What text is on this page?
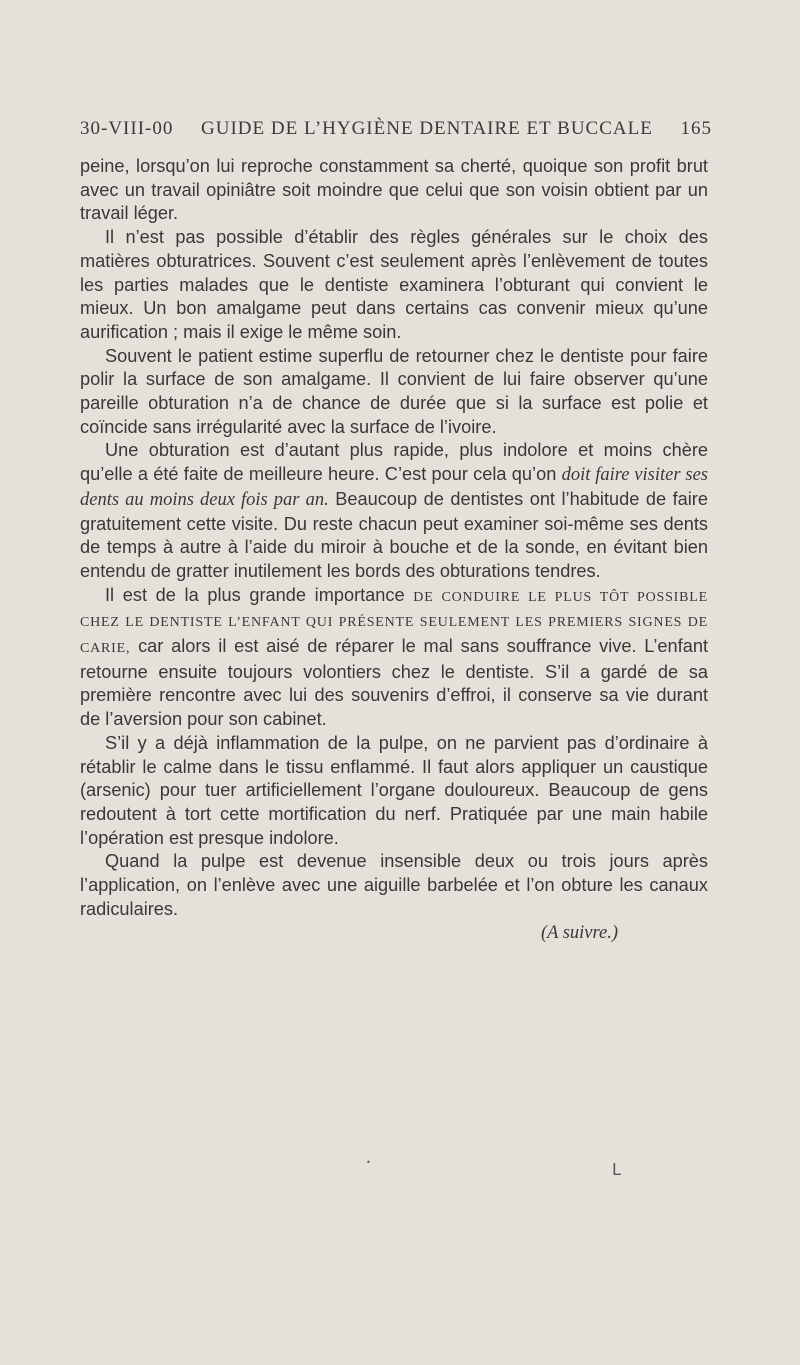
30-VIII-00 GUIDE DE L’HYGIÈNE DENTAIRE ET BUCCALE 165

peine, lorsqu’on lui reproche constamment sa cherté, quoique son profit brut avec un travail opiniâtre soit moindre que celui que son voisin obtient par un travail léger.

Il n’est pas possible d’établir des règles générales sur le choix des matières obturatrices. Souvent c’est seulement après l’enlèvement de toutes les parties malades que le dentiste examinera l’obturant qui convient le mieux. Un bon amalgame peut dans certains cas convenir mieux qu’une aurification ; mais il exige le même soin.

Souvent le patient estime superflu de retourner chez le dentiste pour faire polir la surface de son amalgame. Il convient de lui faire observer qu’une pareille obturation n’a de chance de durée que si la surface est polie et coïncide sans irrégularité avec la surface de l’ivoire.

Une obturation est d’autant plus rapide, plus indolore et moins chère qu’elle a été faite de meilleure heure. C’est pour cela qu’on doit faire visiter ses dents au moins deux fois par an. Beaucoup de dentistes ont l’habitude de faire gratuitement cette visite. Du reste chacun peut examiner soi-même ses dents de temps à autre à l’aide du miroir à bouche et de la sonde, en évitant bien entendu de gratter inutilement les bords des obturations tendres.

Il est de la plus grande importance DE CONDUIRE LE PLUS TÔT POSSIBLE CHEZ LE DENTISTE L’ENFANT QUI PRÉSENTE SEULEMENT LES PREMIERS SIGNES DE CARIE, car alors il est aisé de réparer le mal sans souffrance vive. L’enfant retourne ensuite toujours volontiers chez le dentiste. S’il a gardé de sa première rencontre avec lui des souvenirs d’effroi, il conserve sa vie durant de l’aversion pour son cabinet.

S’il y a déjà inflammation de la pulpe, on ne parvient pas d’ordinaire à rétablir le calme dans le tissu enflammé. Il faut alors appliquer un caustique (arsenic) pour tuer artificiellement l’organe douloureux. Beaucoup de gens redoutent à tort cette mortification du nerf. Pratiquée par une main habile l’opération est presque indolore.

Quand la pulpe est devenue insensible deux ou trois jours après l’application, on l’enlève avec une aiguille barbelée et l’on obture les canaux radiculaires.

(A suivre.)

ᒪ
•
